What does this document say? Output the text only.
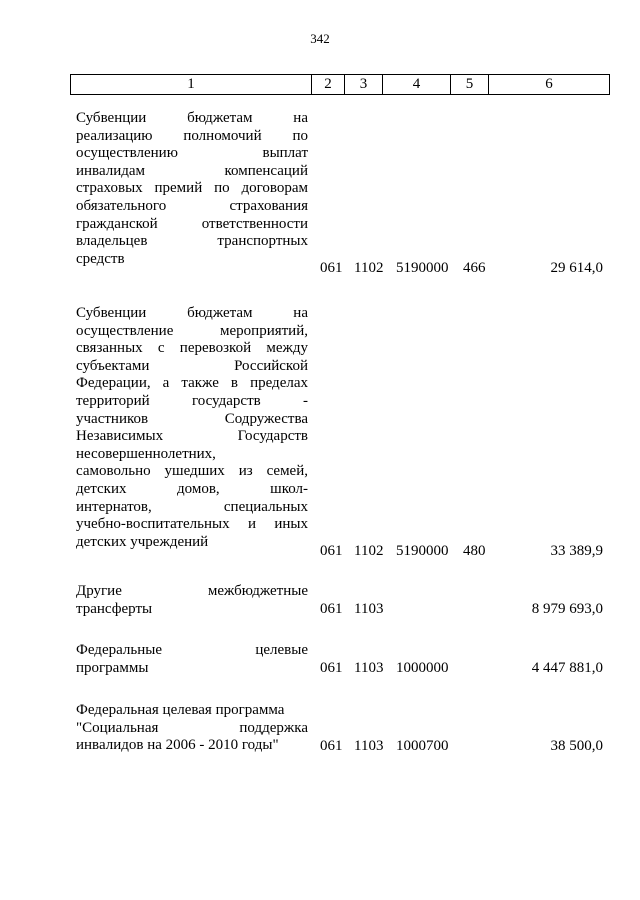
342
1	2	3	4	5	6
Субвенции бюджетам на
реализацию полномочий по
осуществлению выплат
инвалидам компенсаций
страховых премий по договорам
обязательного страхования
гражданской ответственности
владельцев транспортных
средств
061 1102 5190000 466	29 614,0
Субвенции бюджетам на
осуществление мероприятий,
связанных с перевозкой между
субъектами Российской
Федерации, а также в пределах
территорий государств -
участников Содружества
Независимых Государств
несовершеннолетних,
самовольно ушедших из семей,
детских домов, школ-
интернатов, специальных
учебно-воспитательных и иных
детских учреждений
061 1102 5190000 480	33 389,9
Другие межбюджетные
трансферты	061 1103	8 979 693,0
Федеральные целевые
программы	061 1103 1000000	4 447 881,0
Федеральная целевая программа
"Социальная поддержка
инвалидов на 2006 - 2010 годы"	061 1103 1000700	38 500,0
